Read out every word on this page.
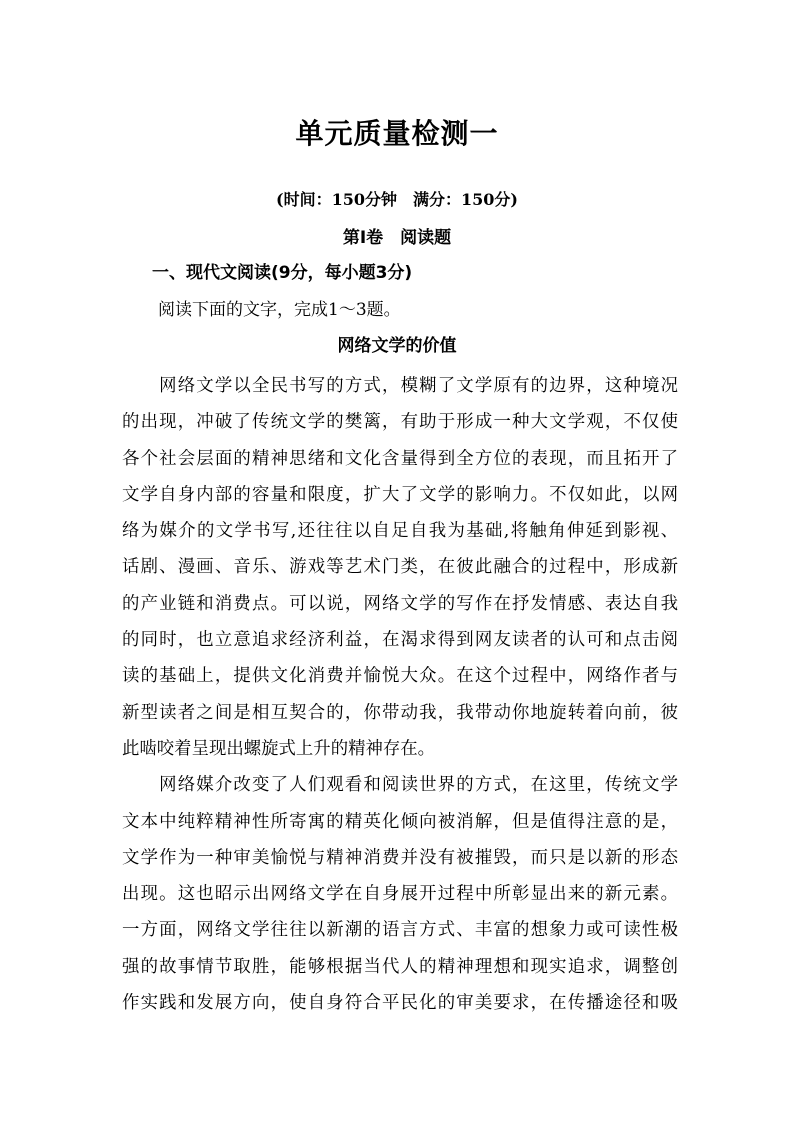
单元质量检测一
(时间：150分钟　满分：150分)
第Ⅰ卷　阅读题
一、现代文阅读(9分，每小题3分)
阅读下面的文字，完成1～3题。
网络文学的价值
　　网络文学以全民书写的方式，模糊了文学原有的边界，这种境况
的出现，冲破了传统文学的樊篱，有助于形成一种大文学观，不仅使
各个社会层面的精神思绪和文化含量得到全方位的表现，而且拓开了
文学自身内部的容量和限度，扩大了文学的影响力。不仅如此，以网
络为媒介的文学书写,还往往以自足自我为基础,将触角伸延到影视、
话剧、漫画、音乐、游戏等艺术门类，在彼此融合的过程中，形成新
的产业链和消费点。可以说，网络文学的写作在抒发情感、表达自我
的同时，也立意追求经济利益，在渴求得到网友读者的认可和点击阅
读的基础上，提供文化消费并愉悦大众。在这个过程中，网络作者与
新型读者之间是相互契合的，你带动我，我带动你地旋转着向前，彼
此啮咬着呈现出螺旋式上升的精神存在。
　　网络媒介改变了人们观看和阅读世界的方式，在这里，传统文学
文本中纯粹精神性所寄寓的精英化倾向被消解，但是值得注意的是，
文学作为一种审美愉悦与精神消费并没有被摧毁，而只是以新的形态
出现。这也昭示出网络文学在自身展开过程中所彰显出来的新元素。
一方面，网络文学往往以新潮的语言方式、丰富的想象力或可读性极
强的故事情节取胜，能够根据当代人的精神理想和现实追求，调整创
作实践和发展方向，使自身符合平民化的审美要求，在传播途径和吸
